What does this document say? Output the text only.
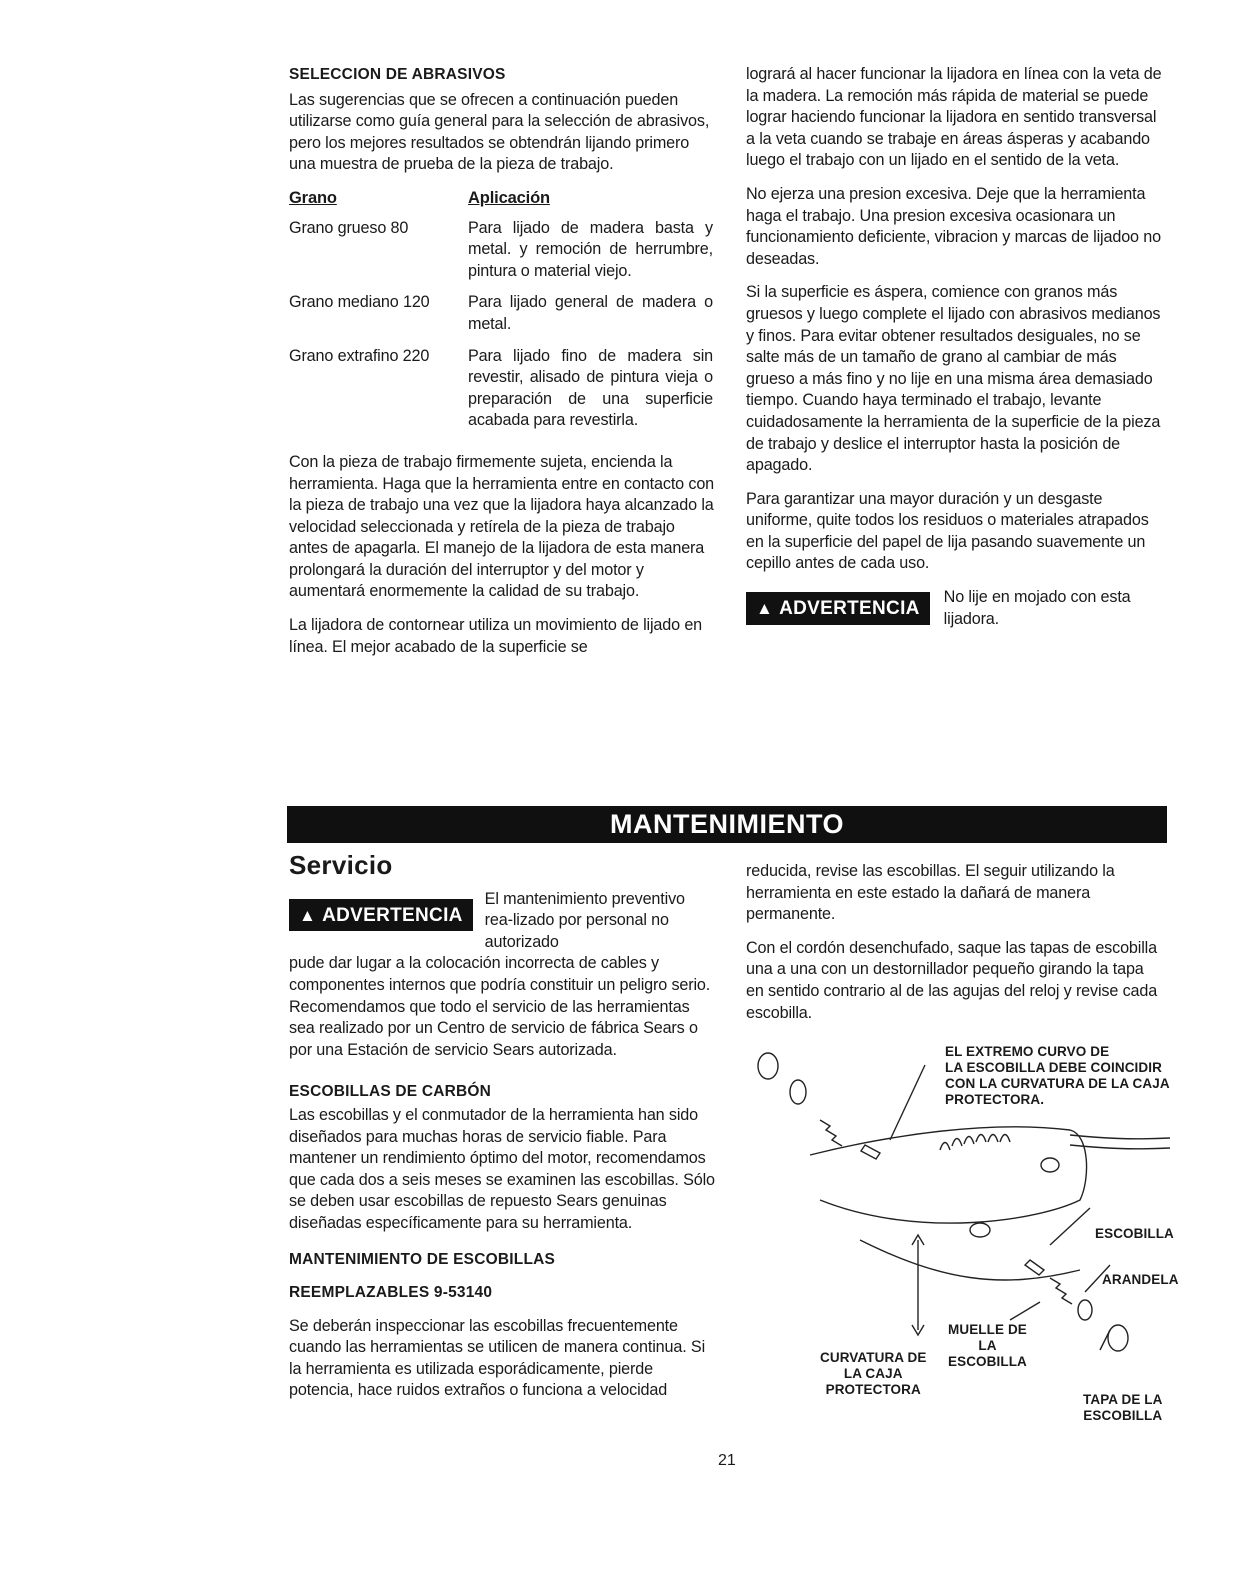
SELECCION DE ABRASIVOS

Las sugerencias que se ofrecen a continuación pueden utilizarse como guía general para la selección de abrasivos, pero los mejores resultados se obtendrán lijando primero una muestra de prueba de la pieza de trabajo.

Grano	Aplicación
Grano grueso 80	Para lijado de madera basta y metal. y remoción de herrumbre, pintura o material viejo.
Grano mediano 120	Para lijado general de madera o metal.
Grano extrafino 220	Para lijado fino de madera sin revestir, alisado de pintura vieja o preparación de una superficie acabada para revestirla.

Con la pieza de trabajo firmemente sujeta, encienda la herramienta. Haga que la herramienta entre en contacto con la pieza de trabajo una vez que la lijadora haya alcanzado la velocidad seleccionada y retírela de la pieza de trabajo antes de apagarla. El manejo de la lijadora de esta manera prolongará la duración del interruptor y del motor y aumentará enormemente la calidad de su trabajo.

La lijadora de contornear utiliza un movimiento de lijado en línea. El mejor acabado de la superficie se

logrará al hacer funcionar la lijadora en línea con la veta de la madera. La remoción más rápida de material se puede lograr haciendo funcionar la lijadora en sentido transversal a la veta cuando se trabaje en áreas ásperas y acabando luego el trabajo con un lijado en el sentido de la veta.

No ejerza una presion excesiva. Deje que la herramienta haga el trabajo. Una presion excesiva ocasionara un funcionamiento deficiente, vibracion y marcas de lijadoo no deseadas.

Si la superficie es áspera, comience con granos más gruesos y luego complete el lijado con abrasivos medianos y finos. Para evitar obtener resultados desiguales, no se salte más de un tamaño de grano al cambiar de más grueso a más fino y no lije en una misma área demasiado tiempo. Cuando haya terminado el trabajo, levante cuidadosamente la herramienta de la superficie de la pieza de trabajo y deslice el interruptor hasta la posición de apagado.

Para garantizar una mayor duración y un desgaste uniforme, quite todos los residuos o materiales atrapados en la superficie del papel de lija pasando suavemente un cepillo antes de cada uso.

▲ ADVERTENCIA
No lije en mojado con esta lijadora.
MANTENIMIENTO

Servicio

▲ ADVERTENCIA
El mantenimiento preventivo rea-lizado por personal no autorizado

pude dar lugar a la colocación incorrecta de cables y componentes internos que podría constituir un peligro serio. Recomendamos que todo el servicio de las herramientas sea realizado por un Centro de servicio de fábrica Sears o por una Estación de servicio Sears autorizada.

ESCOBILLAS DE CARBÓN

Las escobillas y el conmutador de la herramienta han sido diseñados para muchas horas de servicio fiable. Para mantener un rendimiento óptimo del motor, recomendamos que cada dos a seis meses se examinen las escobillas. Sólo se deben usar escobillas de repuesto Sears genuinas diseñadas específicamente para su herramienta.

MANTENIMIENTO DE ESCOBILLAS

REEMPLAZABLES 9-53140

Se deberán inspeccionar las escobillas frecuentemente cuando las herramientas se utilicen de manera continua. Si la herramienta es utilizada esporádicamente, pierde potencia, hace ruidos extraños o funciona a velocidad

reducida, revise las escobillas. El seguir utilizando la herramienta en este estado la dañará de manera permanente.

Con el cordón desenchufado, saque las tapas de escobilla una a una con un destornillador pequeño girando la tapa en sentido contrario al de las agujas del reloj y revise cada escobilla.

EL EXTREMO CURVO DE
LA ESCOBILLA DEBE COINCIDIR
CON LA CURVATURA DE LA CAJA
PROTECTORA.
ESCOBILLA
ARANDELA
MUELLE DE
LA
ESCOBILLA
CURVATURA DE
LA CAJA
PROTECTORA
TAPA DE LA
ESCOBILLA
21
